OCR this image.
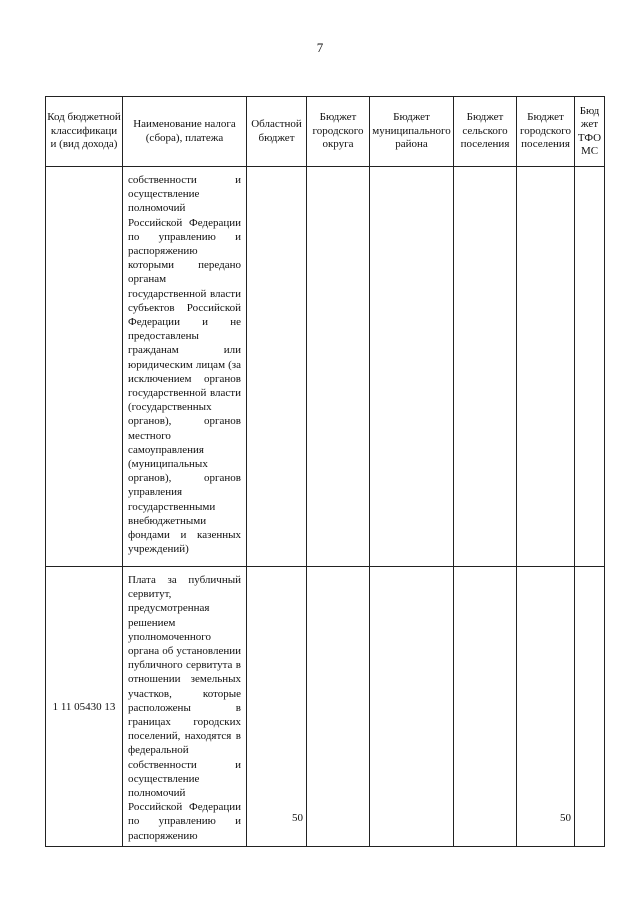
7
Код бюджетной классификаци и (вид дохода)	Наименование налога (сбора), платежа	Областной бюджет	Бюджет городского округа	Бюджет муниципального района	Бюджет сельского поселения	Бюджет городского поселения	Бюджет ТФОМС

	собственности и осуществление полномочий Российской Федерации по управлению и распоряжению которыми передано органам государственной власти субъектов Российской Федерации и не предоставлены гражданам или юридическим лицам (за исключением органов государственной власти (государственных органов), органов местного самоуправления (муниципальных органов), органов управления государственными внебюджетными фондами и казенных учреждений)						

1 11 05430 13	Плата за публичный сервитут, предусмотренная решением уполномоченного органа об установлении публичного сервитута в отношении земельных участков, которые расположены в границах городских поселений, находятся в федеральной собственности и осуществление полномочий Российской Федерации по управлению и распоряжению	50				50	
